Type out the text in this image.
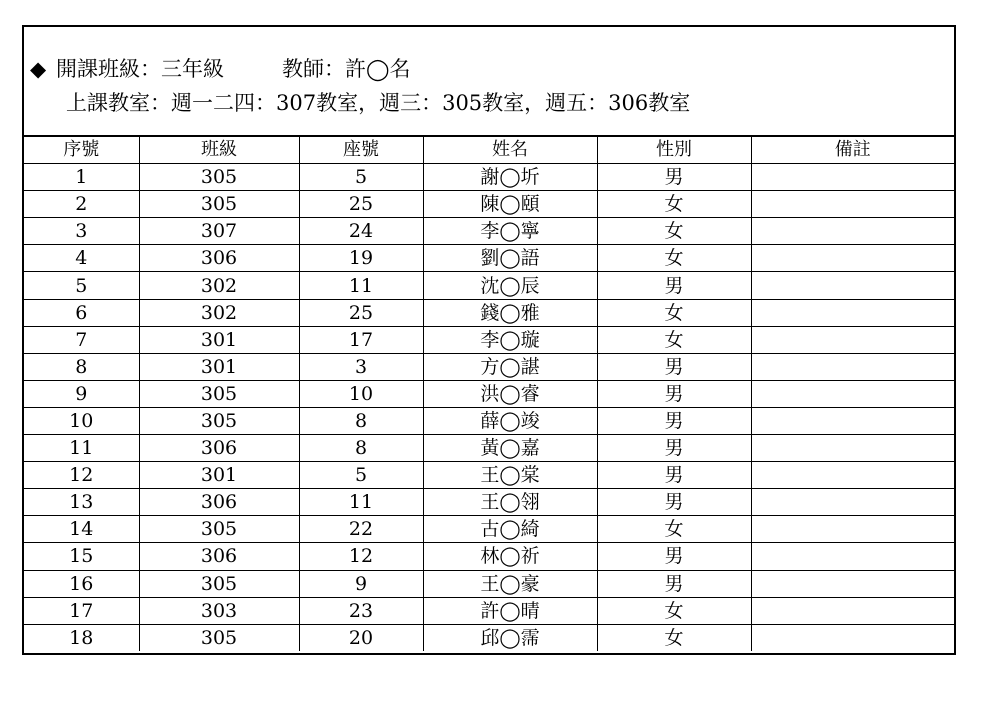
◆ 開課班級：三年級	教師：許◯名
上課教室：週一二四：307教室，週三：305教室，週五：306教室
序號	班級	座號	姓名	性別	備註
1	305	5	謝◯圻	男	
2	305	25	陳◯頤	女	
3	307	24	李◯寧	女	
4	306	19	劉◯語	女	
5	302	11	沈◯辰	男	
6	302	25	錢◯雅	女	
7	301	17	李◯璇	女	
8	301	3	方◯諶	男	
9	305	10	洪◯睿	男	
10	305	8	薛◯竣	男	
11	306	8	黃◯嘉	男	
12	301	5	王◯棠	男	
13	306	11	王◯翎	男	
14	305	22	古◯綺	女	
15	306	12	林◯祈	男	
16	305	9	王◯豪	男	
17	303	23	許◯晴	女	
18	305	20	邱◯霈	女	
